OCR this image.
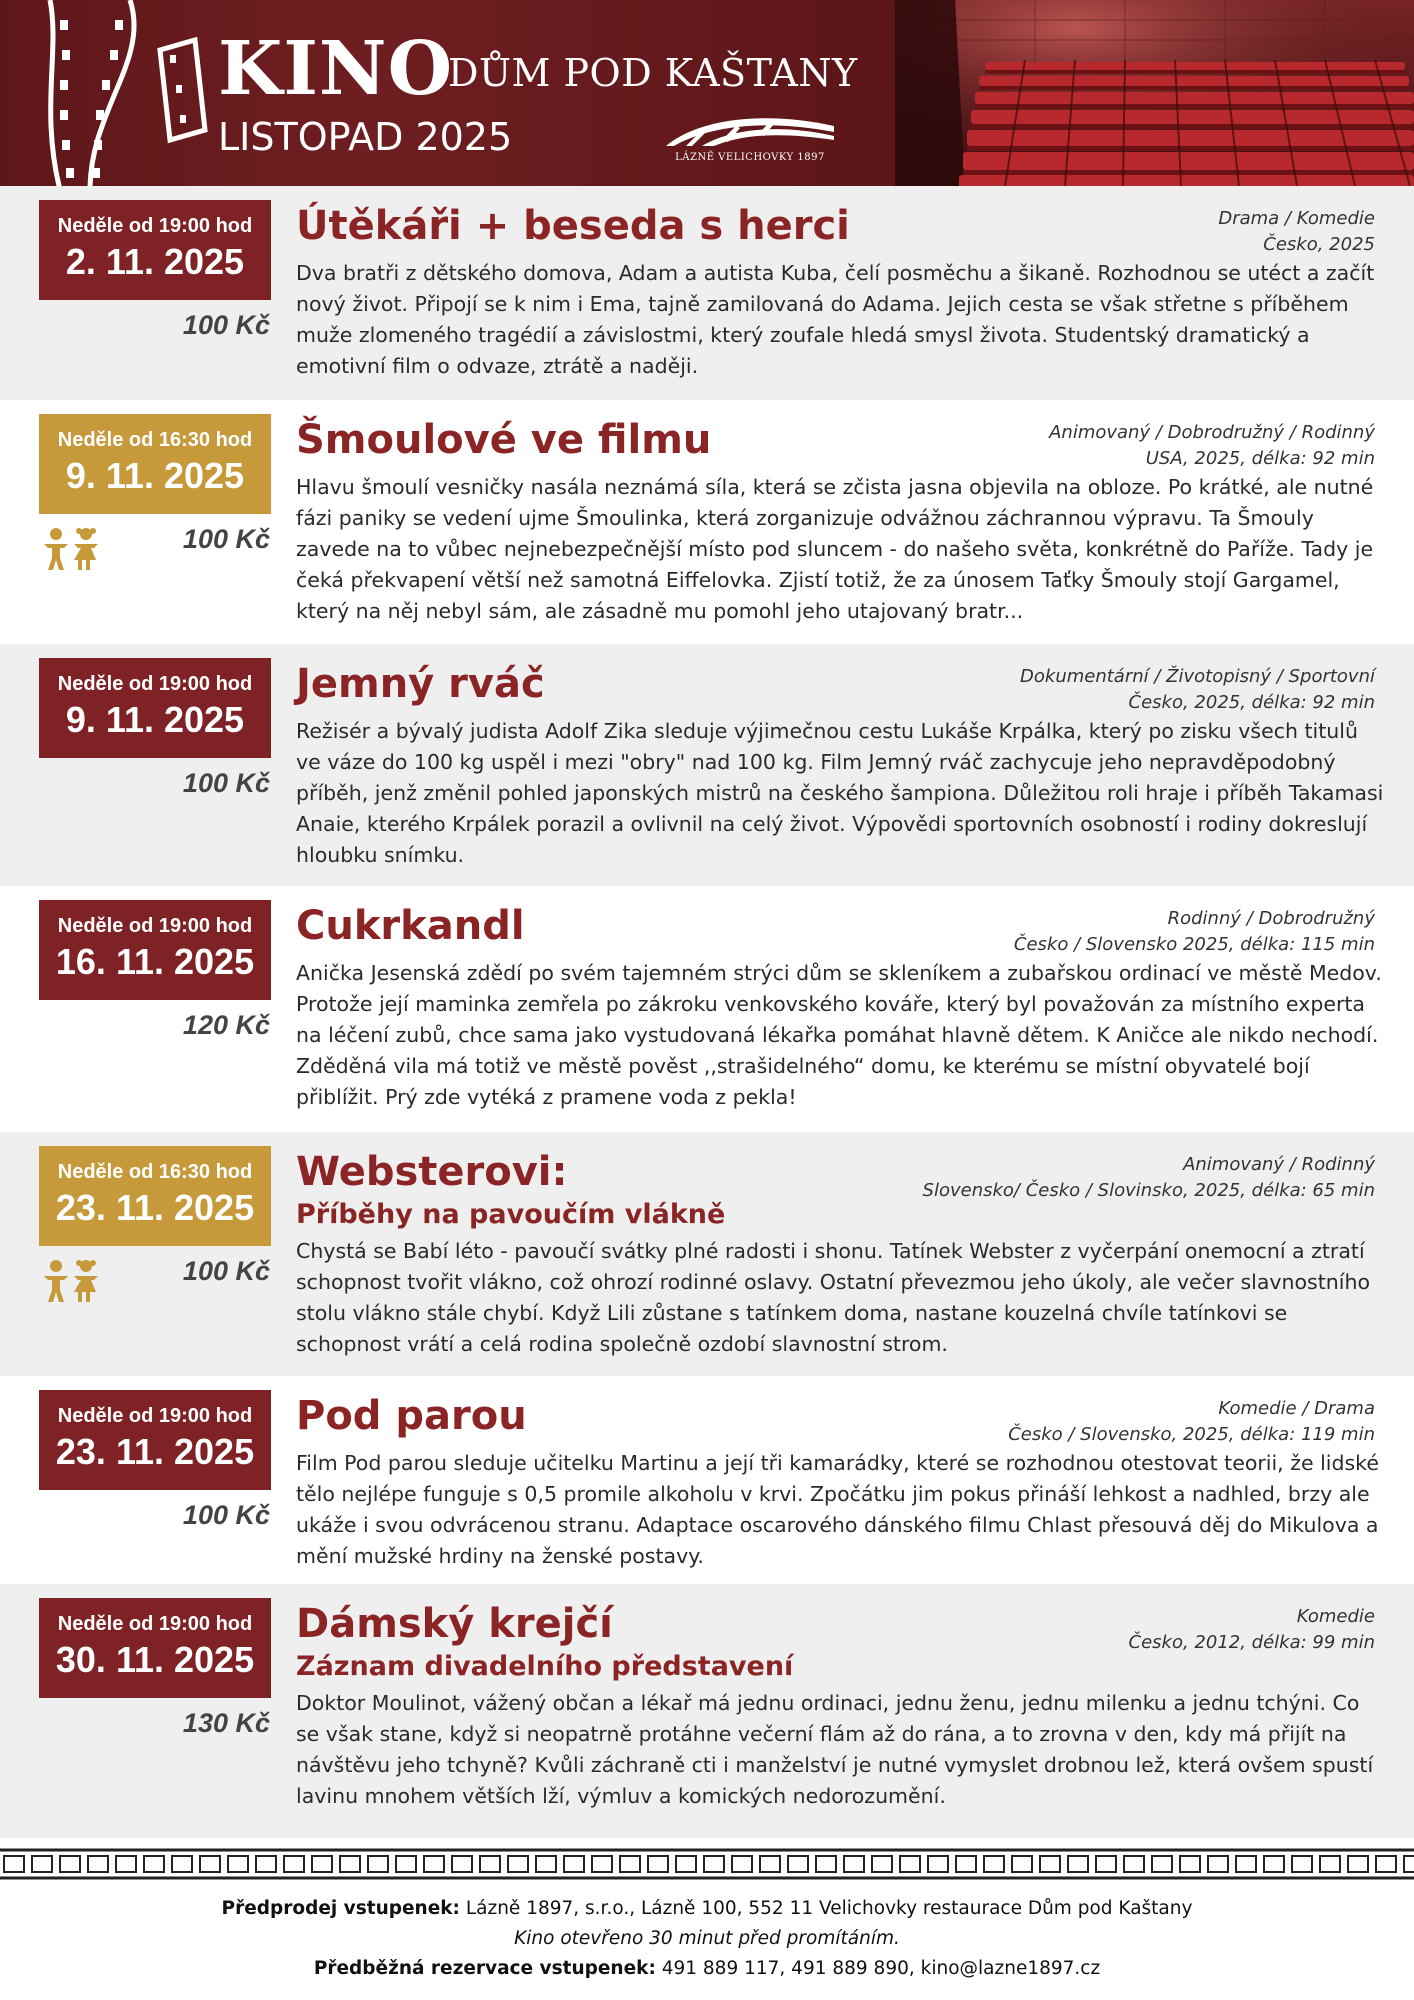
KINO
DŮM POD KAŠTANY
LISTOPAD 2025	LÁZNĚ VELICHOVKY 1897
Neděle od 19:00 hod
2. 11. 2025
100 Kč
Útěkáři + beseda s herci	Drama / Komedie
Česko, 2025
Dva bratři z dětského domova, Adam a autista Kuba, čelí posměchu a šikaně. Rozhodnou se utéct a začít nový život. Připojí se k nim i Ema, tajně zamilovaná do Adama. Jejich cesta se však střetne s příběhem muže zlomeného tragédií a závislostmi, který zoufale hledá smysl života. Studentský dramatický a emotivní film o odvaze, ztrátě a naději.
Neděle od 16:30 hod
9. 11. 2025
100 Kč
Šmoulové ve filmu	Animovaný / Dobrodružný / Rodinný
USA, 2025, délka: 92 min
Hlavu šmoulí vesničky nasála neznámá síla, která se zčista jasna objevila na obloze. Po krátké, ale nutné fázi paniky se vedení ujme Šmoulinka, která zorganizuje odvážnou záchrannou výpravu. Ta Šmouly zavede na to vůbec nejnebezpečnější místo pod sluncem - do našeho světa, konkrétně do Paříže. Tady je čeká překvapení větší než samotná Eiffelovka. Zjistí totiž, že za únosem Taťky Šmouly stojí Gargamel, který na něj nebyl sám, ale zásadně mu pomohl jeho utajovaný bratr...
Neděle od 19:00 hod
9. 11. 2025
100 Kč
Jemný rváč	Dokumentární / Životopisný / Sportovní
Česko, 2025, délka: 92 min
Režisér a bývalý judista Adolf Zika sleduje výjimečnou cestu Lukáše Krpálka, který po zisku všech titulů ve váze do 100 kg uspěl i mezi "obry" nad 100 kg. Film Jemný rváč zachycuje jeho nepravděpodobný příběh, jenž změnil pohled japonských mistrů na českého šampiona. Důležitou roli hraje i příběh Takamasi Anaie, kterého Krpálek porazil a ovlivnil na celý život. Výpovědi sportovních osobností i rodiny dokreslují hloubku snímku.
Neděle od 19:00 hod
16. 11. 2025
120 Kč
Cukrkandl	Rodinný / Dobrodružný
Česko / Slovensko 2025, délka: 115 min
Anička Jesenská zdědí po svém tajemném strýci dům se skleníkem a zubařskou ordinací ve městě Medov. Protože její maminka zemřela po zákroku venkovského kováře, který byl považován za místního experta na léčení zubů, chce sama jako vystudovaná lékařka pomáhat hlavně dětem. K Aničce ale nikdo nechodí. Zděděná vila má totiž ve městě pověst ,,strašidelného“ domu, ke kterému se místní obyvatelé bojí přiblížit. Prý zde vytéká z pramene voda z pekla!
Neděle od 16:30 hod
23. 11. 2025
100 Kč
Websterovi:
Příběhy na pavoučím vlákně
Animovaný / Rodinný
Slovensko/ Česko / Slovinsko, 2025, délka: 65 min
Chystá se Babí léto - pavoučí svátky plné radosti i shonu. Tatínek Webster z vyčerpání onemocní a ztratí schopnost tvořit vlákno, což ohrozí rodinné oslavy. Ostatní převezmou jeho úkoly, ale večer slavnostního stolu vlákno stále chybí. Když Lili zůstane s tatínkem doma, nastane kouzelná chvíle tatínkovi se schopnost vrátí a celá rodina společně ozdobí slavnostní strom.
Neděle od 19:00 hod
23. 11. 2025
100 Kč
Pod parou	Komedie / Drama
Česko / Slovensko, 2025, délka: 119 min
Film Pod parou sleduje učitelku Martinu a její tři kamarádky, které se rozhodnou otestovat teorii, že lidské tělo nejlépe funguje s 0,5 promile alkoholu v krvi. Zpočátku jim pokus přináší lehkost a nadhled, brzy ale ukáže i svou odvrácenou stranu. Adaptace oscarového dánského filmu Chlast přesouvá děj do Mikulova a mění mužské hrdiny na ženské postavy.
Neděle od 19:00 hod
30. 11. 2025
130 Kč
Dámský krejčí
Záznam divadelního představení
Komedie
Česko, 2012, délka: 99 min
Doktor Moulinot, vážený občan a lékař má jednu ordinaci, jednu ženu, jednu milenku a jednu tchýni. Co se však stane, když si neopatrně protáhne večerní flám až do rána, a to zrovna v den, kdy má přijít na návštěvu jeho tchyně? Kvůli záchraně cti i manželství je nutné vymyslet drobnou lež, která ovšem spustí lavinu mnohem větších lží, výmluv a komických nedorozumění.
Předprodej vstupenek: Lázně 1897, s.r.o., Lázně 100, 552 11 Velichovky restaurace Dům pod Kaštany
Kino otevřeno 30 minut před promítáním.
Předběžná rezervace vstupenek: 491 889 117, 491 889 890, kino@lazne1897.cz
